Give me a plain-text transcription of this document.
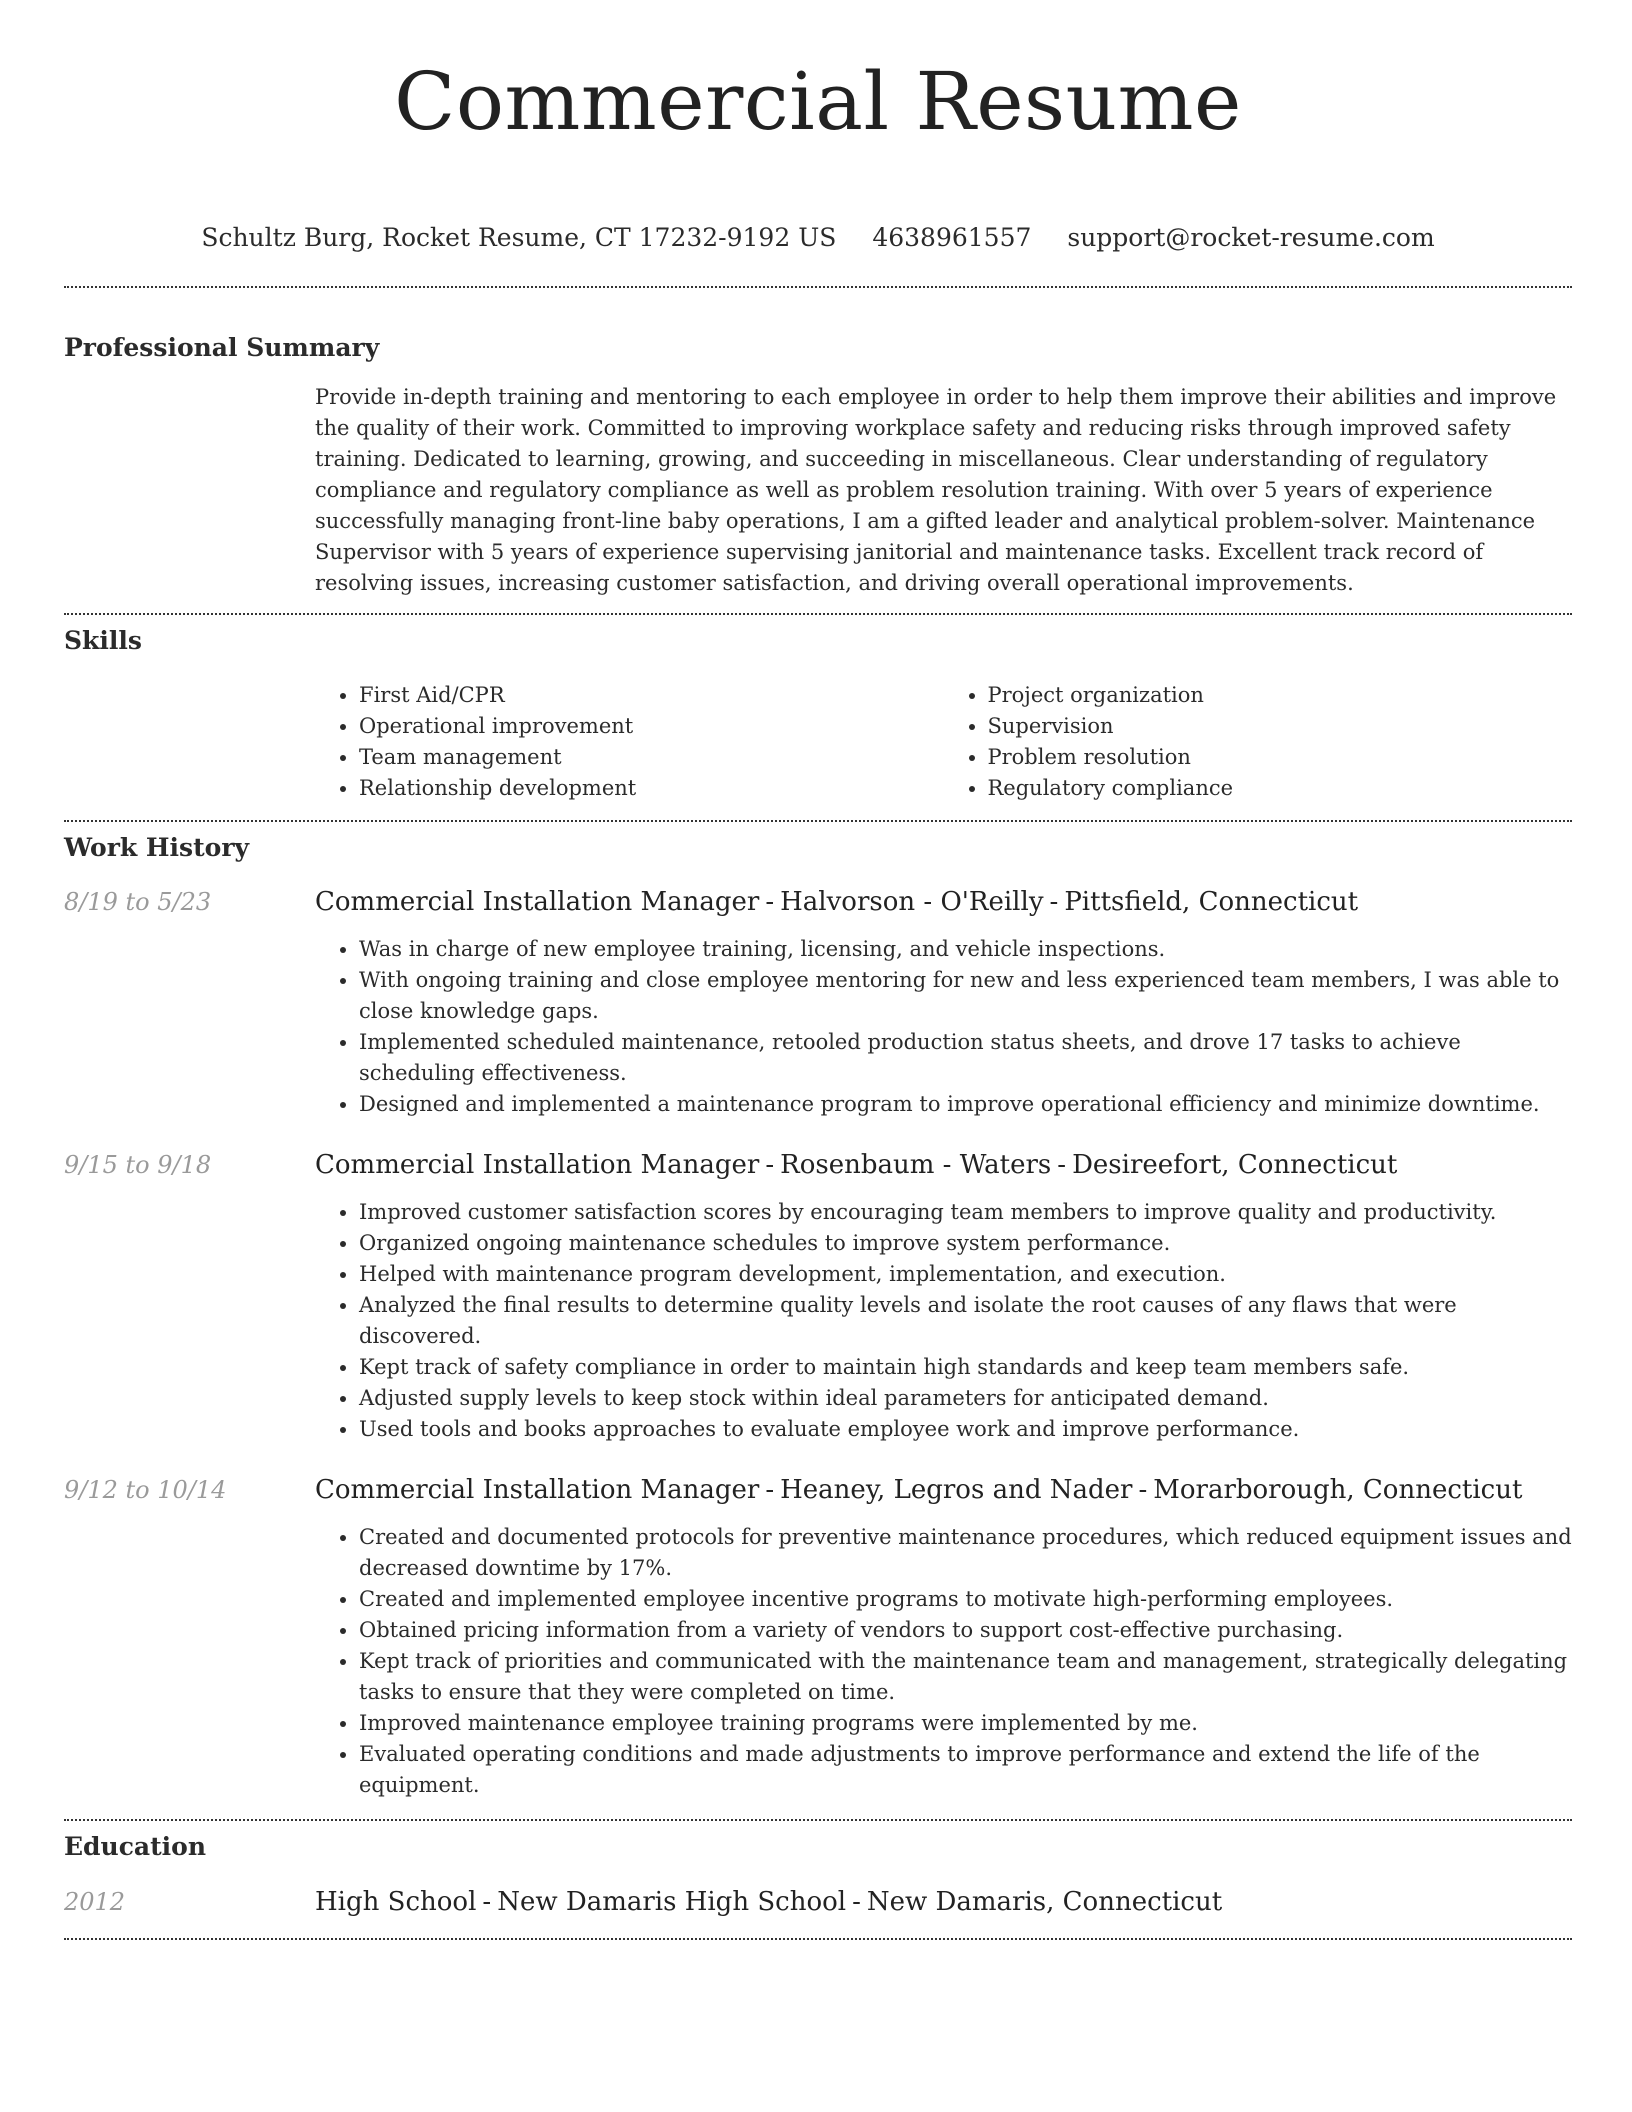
Commercial Resume
Schultz Burg, Rocket Resume, CT 17232-9192 US 4638961557 support@rocket-resume.com
Professional Summary

Provide in-depth training and mentoring to each employee in order to help them improve their abilities and improve the quality of their work. Committed to improving workplace safety and reducing risks through improved safety training. Dedicated to learning, growing, and succeeding in miscellaneous. Clear understanding of regulatory compliance and regulatory compliance as well as problem resolution training. With over 5 years of experience successfully managing front-line baby operations, I am a gifted leader and analytical problem-solver. Maintenance Supervisor with 5 years of experience supervising janitorial and maintenance tasks. Excellent track record of resolving issues, increasing customer satisfaction, and driving overall operational improvements.

Skills
• First Aid/CPR
• Operational improvement
• Team management
• Relationship development
• Project organization
• Supervision
• Problem resolution
• Regulatory compliance
Work History
8/19 to 5/23	Commercial Installation Manager - Halvorson - O'Reilly - Pittsfield, Connecticut
• Was in charge of new employee training, licensing, and vehicle inspections.
• With ongoing training and close employee mentoring for new and less experienced team members, I was able to close knowledge gaps.
• Implemented scheduled maintenance, retooled production status sheets, and drove 17 tasks to achieve scheduling effectiveness.
• Designed and implemented a maintenance program to improve operational efficiency and minimize downtime.
9/15 to 9/18	Commercial Installation Manager - Rosenbaum - Waters - Desireefort, Connecticut
• Improved customer satisfaction scores by encouraging team members to improve quality and productivity.
• Organized ongoing maintenance schedules to improve system performance.
• Helped with maintenance program development, implementation, and execution.
• Analyzed the final results to determine quality levels and isolate the root causes of any flaws that were discovered.
• Kept track of safety compliance in order to maintain high standards and keep team members safe.
• Adjusted supply levels to keep stock within ideal parameters for anticipated demand.
• Used tools and books approaches to evaluate employee work and improve performance.
9/12 to 10/14	Commercial Installation Manager - Heaney, Legros and Nader - Morarborough, Connecticut
• Created and documented protocols for preventive maintenance procedures, which reduced equipment issues and decreased downtime by 17%.
• Created and implemented employee incentive programs to motivate high-performing employees.
• Obtained pricing information from a variety of vendors to support cost-effective purchasing.
• Kept track of priorities and communicated with the maintenance team and management, strategically delegating tasks to ensure that they were completed on time.
• Improved maintenance employee training programs were implemented by me.
• Evaluated operating conditions and made adjustments to improve performance and extend the life of the equipment.
Education
2012	High School - New Damaris High School - New Damaris, Connecticut
